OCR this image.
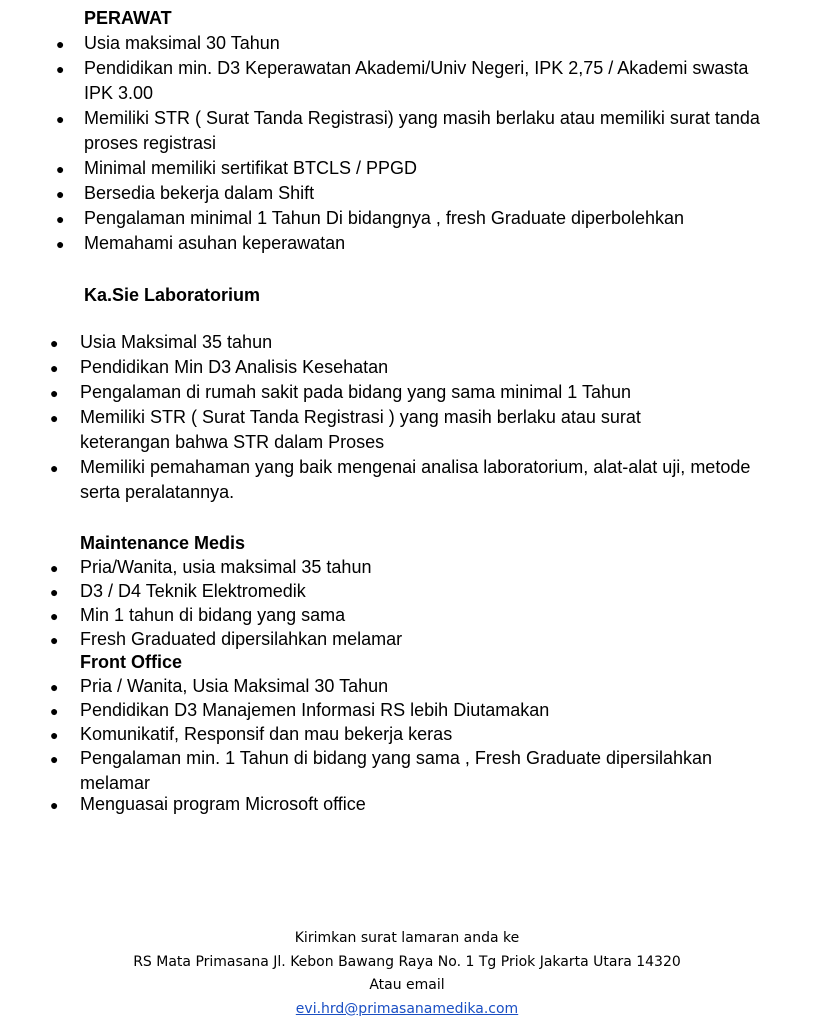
PERAWAT
● Usia maksimal 30 Tahun
● Pendidikan min. D3 Keperawatan Akademi/Univ Negeri, IPK 2,75 / Akademi swasta IPK 3.00
● Memiliki STR ( Surat Tanda Registrasi) yang masih berlaku atau memiliki surat tanda proses registrasi
● Minimal memiliki sertifikat BTCLS / PPGD
● Bersedia bekerja dalam Shift
● Pengalaman minimal 1 Tahun Di bidangnya , fresh Graduate diperbolehkan
● Memahami asuhan keperawatan
Ka.Sie Laboratorium
● Usia Maksimal 35 tahun
● Pendidikan Min D3 Analisis Kesehatan
● Pengalaman di rumah sakit pada bidang yang sama minimal 1 Tahun
● Memiliki STR ( Surat Tanda Registrasi ) yang masih berlaku atau surat keterangan bahwa STR dalam Proses
● Memiliki pemahaman yang baik mengenai analisa laboratorium, alat-alat uji, metode serta peralatannya.
Maintenance Medis
● Pria/Wanita, usia maksimal 35 tahun
● D3 / D4 Teknik Elektromedik
● Min 1 tahun di bidang yang sama
● Fresh Graduated dipersilahkan melamar
Front Office
● Pria / Wanita, Usia Maksimal 30 Tahun
● Pendidikan D3 Manajemen Informasi RS lebih Diutamakan
● Komunikatif, Responsif dan mau bekerja keras
● Pengalaman min. 1 Tahun di bidang yang sama , Fresh Graduate dipersilahkan melamar
● Menguasai program Microsoft office
Kirimkan surat lamaran anda ke
RS Mata Primasana Jl. Kebon Bawang Raya No. 1 Tg Priok Jakarta Utara 14320
Atau email
evi.hrd@primasanamedika.com
